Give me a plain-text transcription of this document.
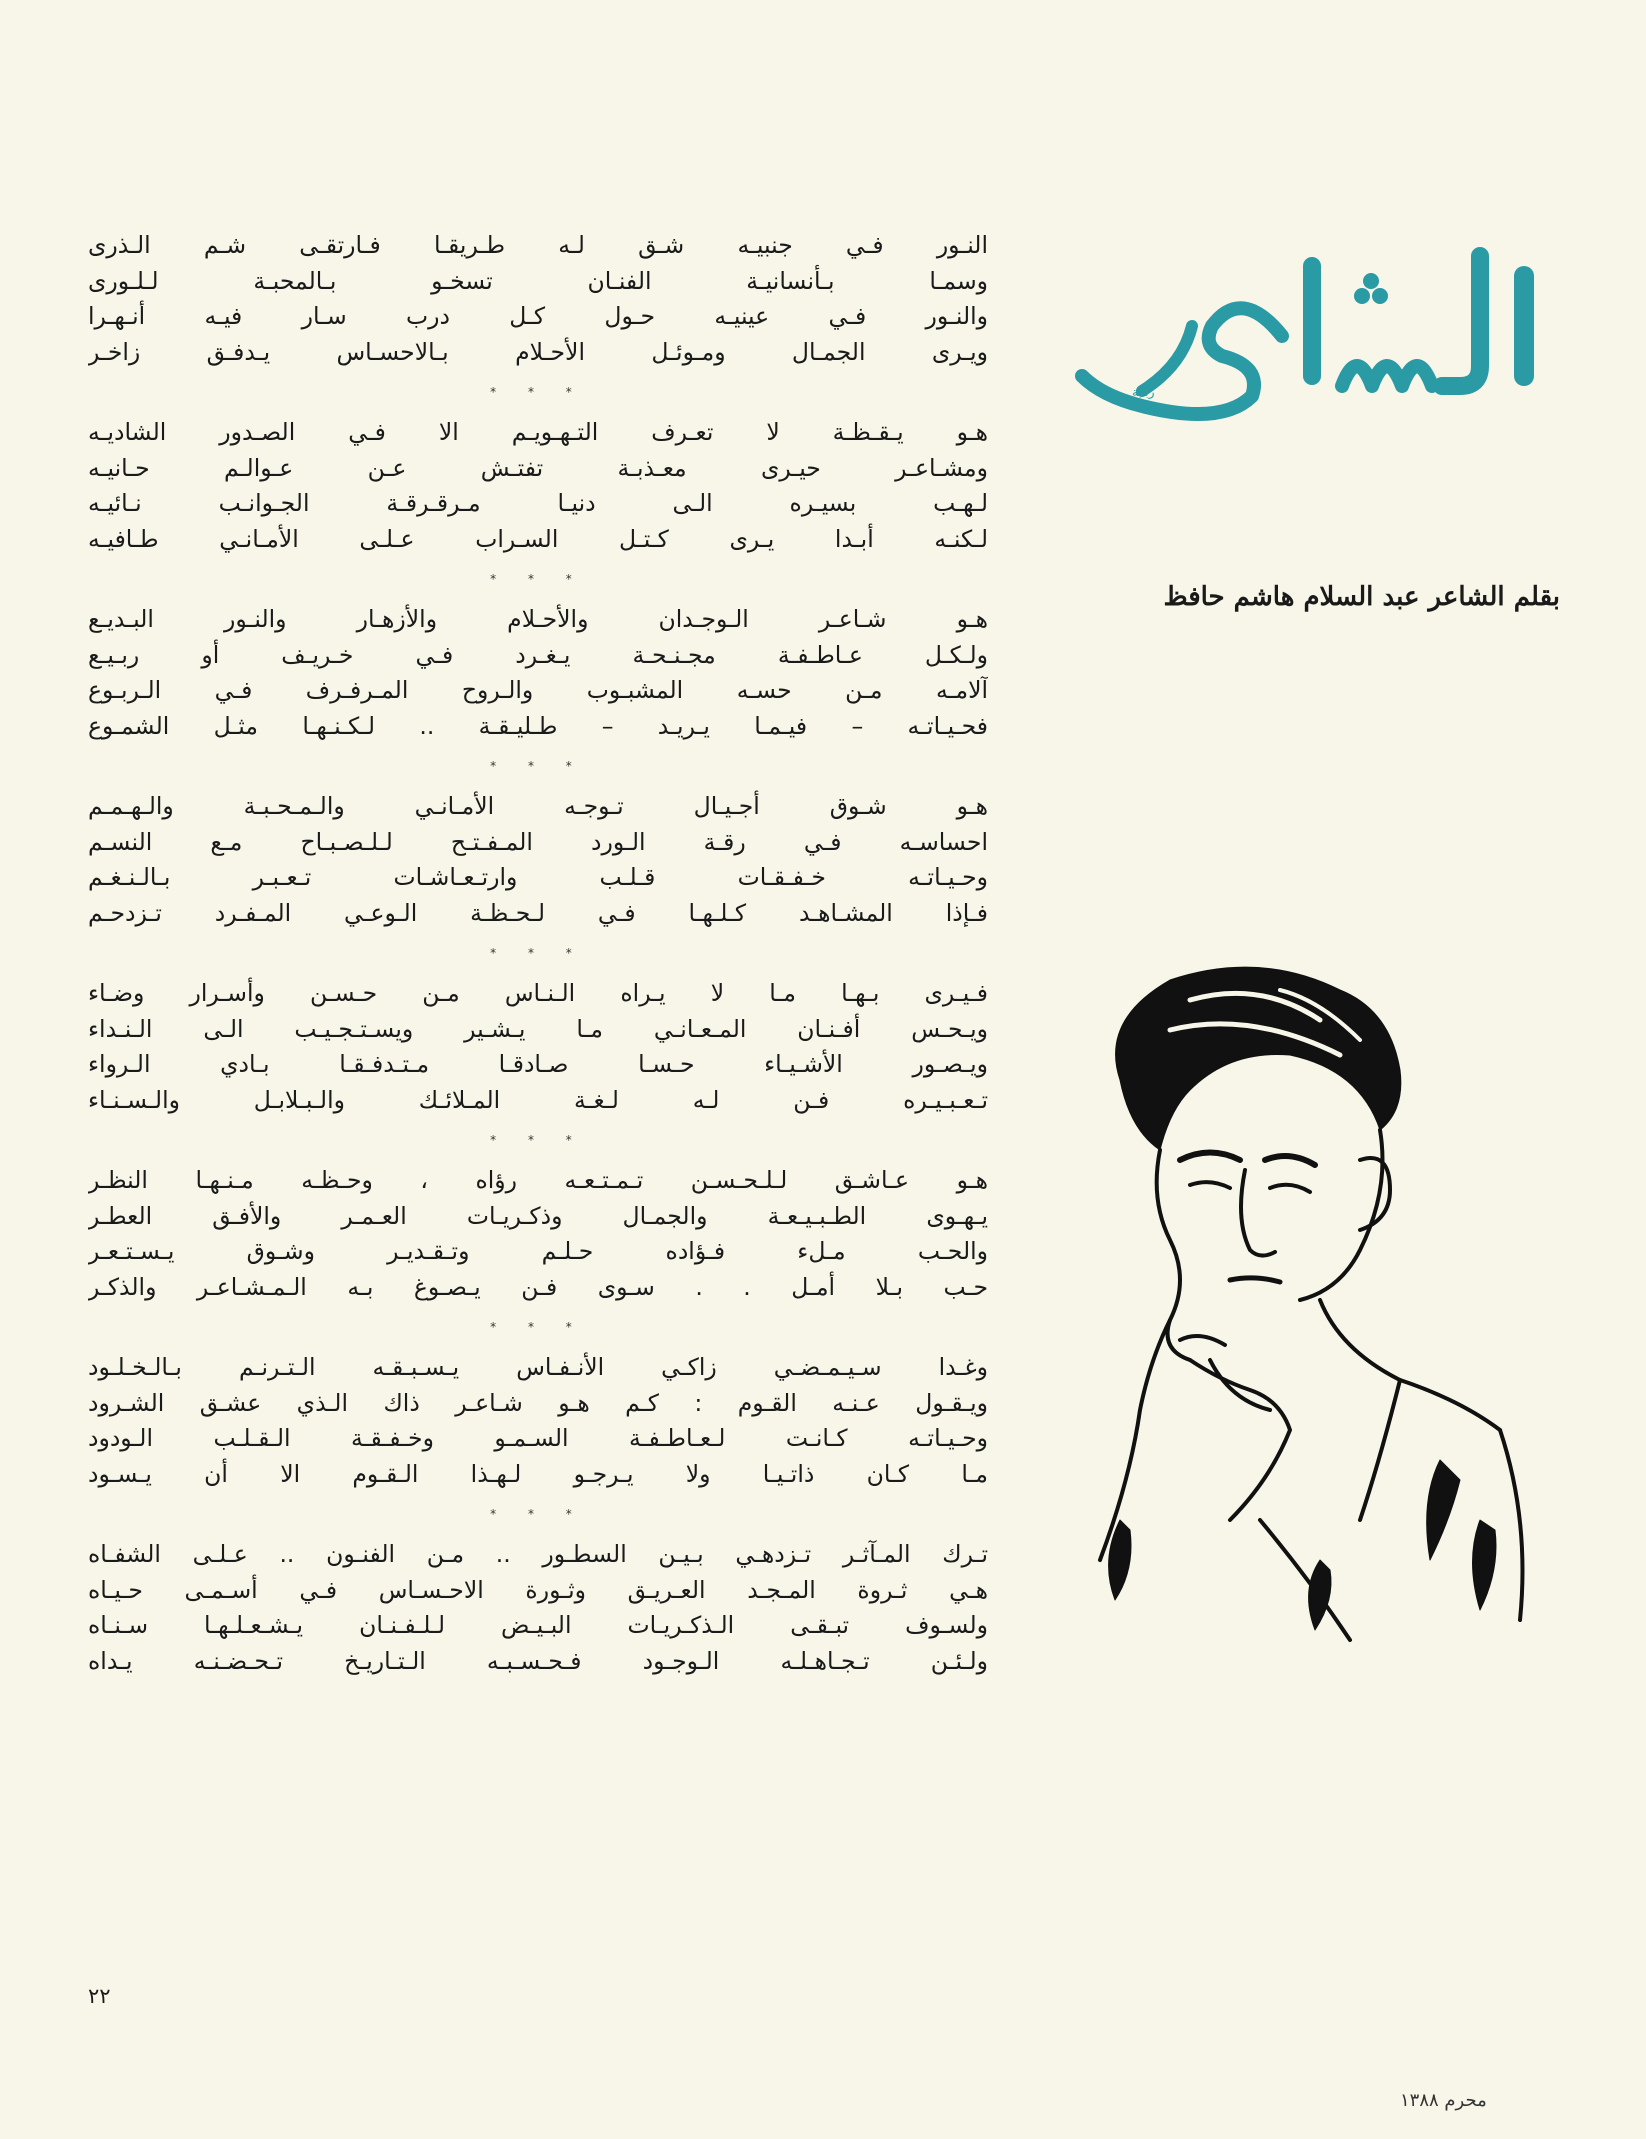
ربابة
بقلم الشاعر عبد السلام هاشم حافظ
النـور فـي جنبيـه شـق لـه طـريقـا فـارتقـى شـم الـذرى
وسمـا بـأنسانيـة الفنـان تسخـو بـالمحبـة لـلـورى
والنـور فـي عينيـه حـول كـل درب سـار فيـه أنـهـرا
ويـرى الجمـال ومـوئـل الأحـلام بـالاحسـاس يـدفـق زاخـر
* * *
هـو يـقـظـة لا تعـرف التـهـويـم الا فـي الصـدور الشاديـه
ومشـاعـر حيـرى معـذبـة تفتـش عـن عـوالـم حـانيـه
لـهـب بسيـره الـى دنيـا مـرقـرقـة الجـوانـب نـائيـه
لـكنـه أبـدا يـرى كـتـل السـراب عـلـى الأمـانـي طـافيـه
* * *
هـو شـاعـر الـوجـدان والأحـلام والأزهـار والنـور البـديـع
ولـكـل عـاطـفـة مجـنـحـة يـغـرد فـي خـريـف أو ربـيـع
آلامـه مـن حسـه المشبـوب والـروح المـرفـرف فـي الـربـوع
فحـيـاتـه – فيـمـا يـريـد – طـليـقـة .. لـكـنـهـا مثـل الشمـوع
* * *
هـو شـوق أجـيـال تـوجـه الأمـانـي والـمـحـبـة والـهـمـم
احساسـه فـي رقـة الـورد المـفـتـح لـلـصـبـاح مـع النسـم
وحـيـاتـه خـفـقـات قـلـب وارتـعـاشـات تـعـبـر بـالـنـغـم
فـإذا المشـاهـد كـلـهـا فـي لـحـظـة الـوعـي المـفـرد تـزدحـم
* * *
فـيـرى بـهـا مـا لا يـراه الـنـاس مـن حـسـن وأسـرار وضـاء
ويـحـس أفـنـان المـعـانـي مـا يـشـير ويسـتـجـيـب الـى الـنـداء
ويـصـور الأشـيـاء حـسـا صـادقـا مـتـدفـقـا بـادي الـرواء
تـعـبـيـره فـن لـه لـغـة المـلائـك والـبـلابـل والـسـنـاء
* * *
هـو عـاشـق لـلـحـسـن تـمـتـعـه رؤاه ، وحـظـه مـنـهـا النظـر
يـهـوى الطـبـيـعـة والجمـال وذكـريـات العـمـر والأفـق العطـر
والحـب مـلء فـؤاده حـلـم وتـقـديـر وشـوق يـسـتـعـر
حـب بـلا أمـل . . سـوى فـن يـصـوغ بـه الـمـشـاعـر والذكـر
* * *
وغـدا سـيـمـضـي زاكـي الأنـفـاس يـسـبـقـه الـتـرنـم بـالـخـلـود
ويـقـول عـنـه القـوم : كـم هـو شـاعـر ذاك الـذي عشـق الشـرود
وحـيـاتـه كـانـت لـعـاطـفـة السـمـو وخـفـقـة الـقـلـب الـودود
مـا كـان ذاتـيـا ولا يـرجـو لـهـذا الـقـوم الا أن يـسـود
* * *
تـرك المـآثـر تـزدهـي بـيـن السطـور .. مـن الفنـون .. عـلـى الشفـاه
هـي ثـروة المـجـد العـريـق وثـورة الاحـسـاس فـي أسـمـى حـيـاه
ولسـوف تبـقـى الـذكـريـات البـيـض لـلـفـنـان يـشـعـلـهـا سـنـاه
ولـئـن تـجـاهـلـه الـوجـود فـحـسـبـه الـتـاريـخ تـحـضـنـه يـداه
٢٢
محرم ١٣٨٨
